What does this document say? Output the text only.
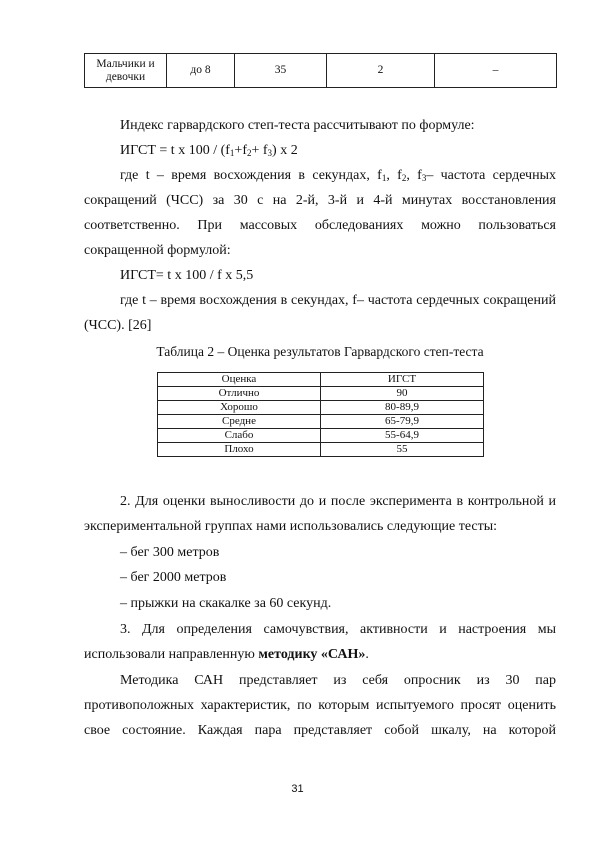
Мальчики и девочки	до 8	35	2	–
Индекс гарвардского степ-теста рассчитывают по формуле:
ИГСТ = t х $100 / (f_1+f_2+ f_3)$ х 2
где t – время восхождения в секундах, $f_1$, $f_2$, $f_3-$ частота сердечных
сокращений (ЧСС) за 30 с на 2-й, 3-й и 4-й минутах восстановления
соответственно. При массовых обследованиях можно пользоваться
сокращенной формулой:
ИГСТ= t х 100 / f х 5,5
где t – время восхождения в секундах, f– частота сердечных сокращений
(ЧСС). [26]
Таблица 2 – Оценка результатов Гарвардского степ-теста
Оценка	ИГСТ
Отлично	90
Хорошо	80-89,9
Средне	65-79,9
Слабо	55-64,9
Плохо	55
2. Для оценки выносливости до и после эксперимента в контрольной и
экспериментальной группах нами использовались следующие тесты:
– бег 300 метров
– бег 2000 метров
– прыжки на скакалке за 60 секунд.
3. Для определения самочувствия, активности и настроения мы
использовали направленную методику «САН».
Методика САН представляет из себя опросник из 30 пар
противоположных характеристик, по которым испытуемого просят оценить
свое состояние. Каждая пара представляет собой шкалу, на которой
31
